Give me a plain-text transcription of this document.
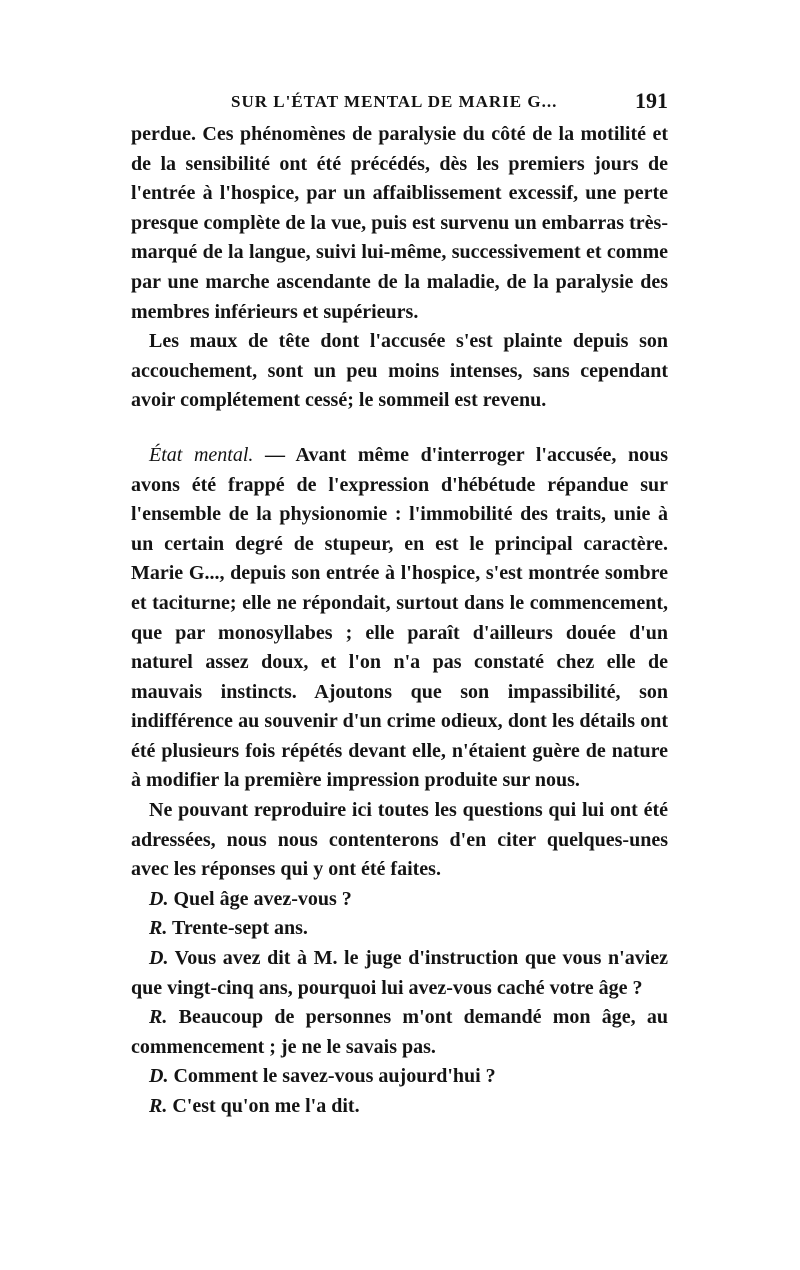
SUR L'ÉTAT MENTAL DE MARIE G...	191

perdue. Ces phénomènes de paralysie du côté de la motilité et de la sensibilité ont été précédés, dès les premiers jours de l'entrée à l'hospice, par un affaiblissement excessif, une perte presque complète de la vue, puis est survenu un embarras très-marqué de la langue, suivi lui-même, successivement et comme par une marche ascendante de la maladie, de la paralysie des membres inférieurs et supérieurs.

Les maux de tête dont l'accusée s'est plainte depuis son accouchement, sont un peu moins intenses, sans cependant avoir complétement cessé; le sommeil est revenu.

État mental. — Avant même d'interroger l'accusée, nous avons été frappé de l'expression d'hébétude répandue sur l'ensemble de la physionomie : l'immobilité des traits, unie à un certain degré de stupeur, en est le principal caractère. Marie G..., depuis son entrée à l'hospice, s'est montrée sombre et taciturne; elle ne répondait, surtout dans le commencement, que par monosyllabes ; elle paraît d'ailleurs douée d'un naturel assez doux, et l'on n'a pas constaté chez elle de mauvais instincts. Ajoutons que son impassibilité, son indifférence au souvenir d'un crime odieux, dont les détails ont été plusieurs fois répétés devant elle, n'étaient guère de nature à modifier la première impression produite sur nous.

Ne pouvant reproduire ici toutes les questions qui lui ont été adressées, nous nous contenterons d'en citer quelques-unes avec les réponses qui y ont été faites.

D. Quel âge avez-vous ?

R. Trente-sept ans.

D. Vous avez dit à M. le juge d'instruction que vous n'aviez que vingt-cinq ans, pourquoi lui avez-vous caché votre âge ?

R. Beaucoup de personnes m'ont demandé mon âge, au commencement ; je ne le savais pas.

D. Comment le savez-vous aujourd'hui ?

R. C'est qu'on me l'a dit.
